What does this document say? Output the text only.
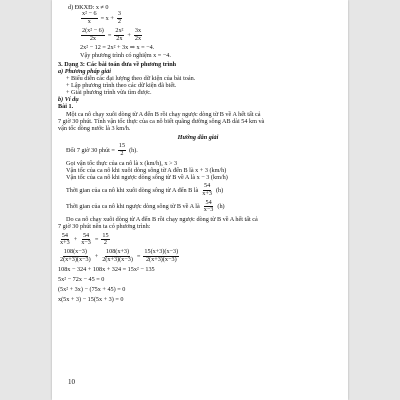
d) ĐKXĐ: x ≠ 0
$\frac{\text{x² − 6}}{x} = x + \frac{3}{2}$
$\frac{\text{2(x² − 6)}}{2x} = \frac{\text{2x²}}{2x} + \frac{3x}{2x}$
2x² − 12 = 2x² + 3x ⇒ x = −4.
Vậy phương trình có nghiệm x = −4.
3. Dạng 3: Các bài toán đưa về phương trình
a) Phương pháp giải
+ Biểu diễn các đại lượng theo dữ kiện của bài toán.
+ Lập phương trình theo các dữ kiện đã biết.
+ Giải phương trình vừa tìm được.
b) Ví dụ
Bài 1.
Một ca nô chạy xuôi dòng từ A đến B rồi chạy ngược dòng từ B về A hết tất cả
7 giờ 30 phút. Tính vận tốc thực của ca nô biết quãng đường sông AB dài 54 km và
vận tốc dòng nước là 3 km/h.
Hướng dẫn giải
Đổi 7 giờ 30 phút = $\frac{15}{2} (h)$.
Gọi vận tốc thực của ca nô là x (km/h), x > 3
Vận tốc của ca nô khi xuôi dòng sông từ A đến B là x + 3 (km/h)
Vận tốc của ca nô khi ngược dòng sông từ B về A là x − 3 (km/h)
Thời gian của ca nô khi xuôi dòng sông từ A đến B là $\frac{54}{x+3} (h)$
Thời gian của ca nô khi ngược dòng sông từ B về A là $\frac{54}{x-3} (h)$
Do ca nô chạy xuôi dòng từ A đến B rồi chạy ngược dòng từ B về A hết tất cả
7 giờ 30 phút nên ta có phương trình:
$\frac{54}{x+3} + \frac{54}{x-3} = \frac{15}{2}$
$\frac{108(x-3)}{2(x+3)(x-3)} + \frac{108(x+3)}{2(x+3)(x-3)} = \frac{15(x+3)(x-3)}{2(x+3)(x-3)}$
108x − 324 + 108x + 324 = 15x² − 135
5x² − 72x − 45 = 0
(5x² + 3x) − (75x + 45) = 0
x(5x + 3) − 15(5x + 3) = 0
10
